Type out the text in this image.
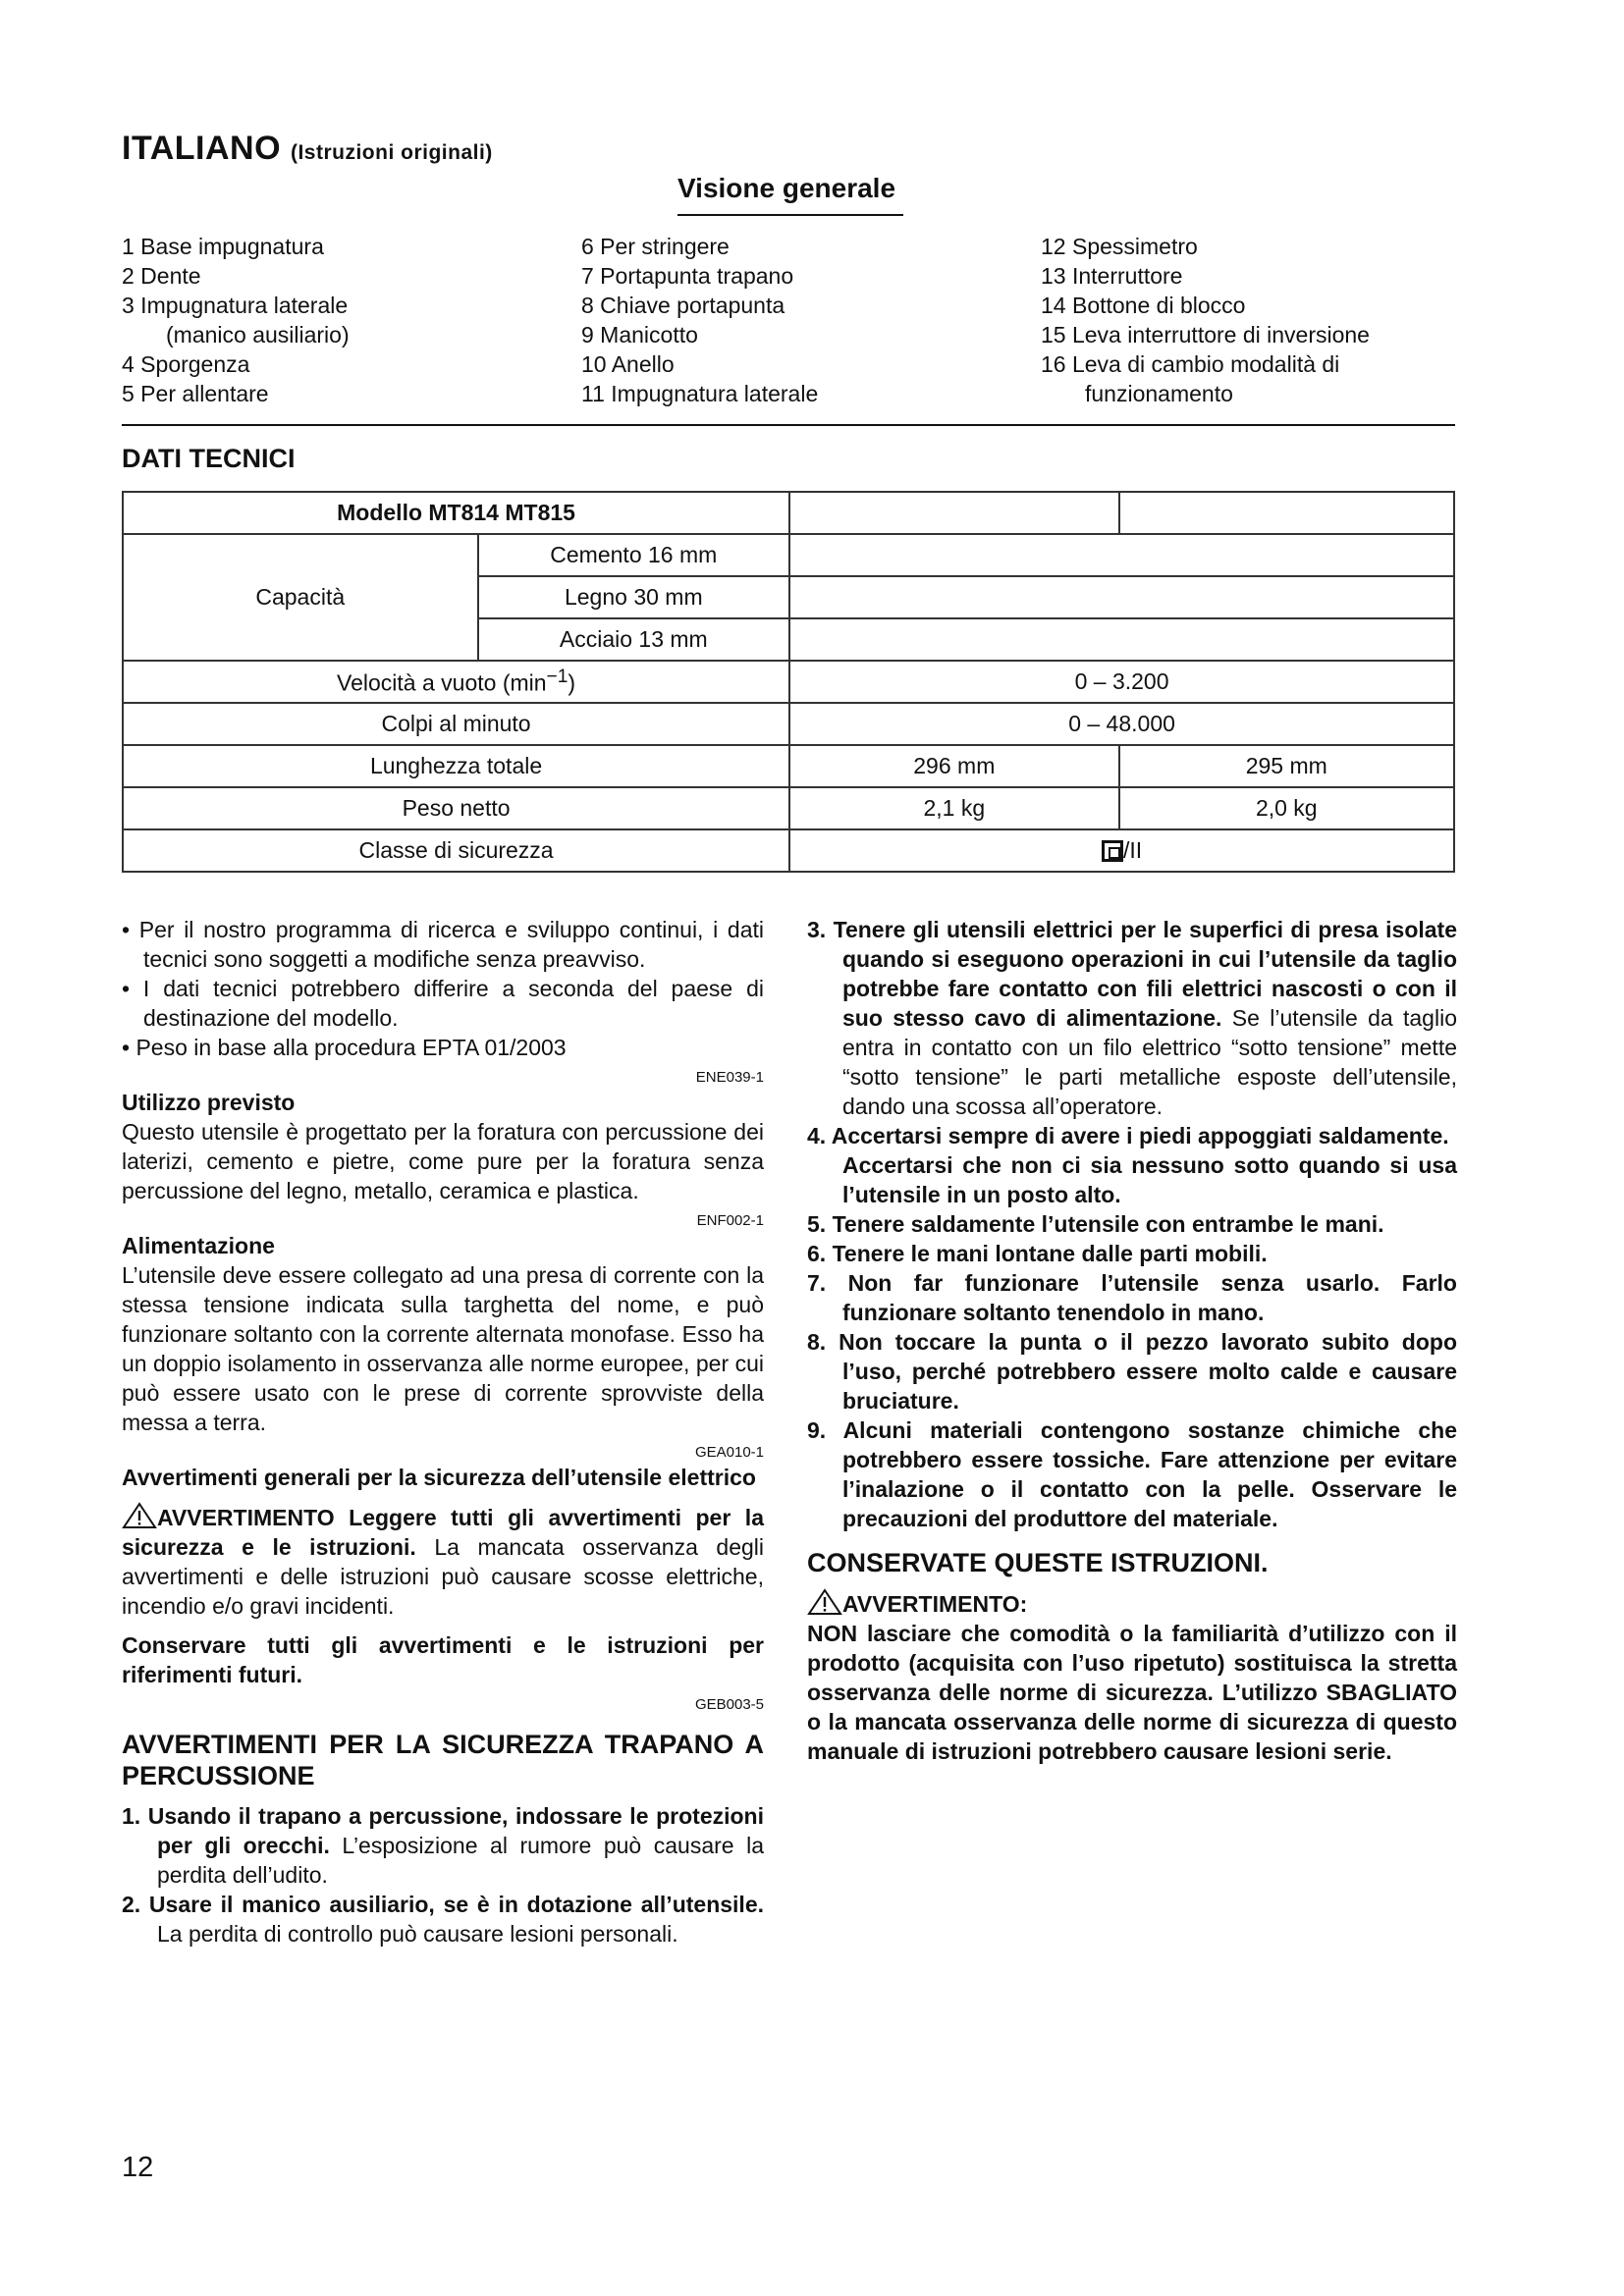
ITALIANO (Istruzioni originali)
Visione generale
1 Base impugnatura
2 Dente
3 Impugnatura laterale
(manico ausiliario)
4 Sporgenza
5 Per allentare
6 Per stringere
7 Portapunta trapano
8 Chiave portapunta
9 Manicotto
10 Anello
11 Impugnatura laterale
12 Spessimetro
13 Interruttore
14 Bottone di blocco
15 Leva interruttore di inversione
16 Leva di cambio modalità di
funzionamento
DATI TECNICI
Modello MT814 MT815			
Capacità	Cemento 16 mm		
	Legno 30 mm		
	Acciaio 13 mm		
Velocità a vuoto $(\min^{-1})$		0 – 3.200	
Colpi al minuto		0 – 48.000	
Lunghezza totale		296 mm	295 mm
Peso netto		2,1 kg	2,0 kg
Classe di sicurezza		/II	
• Per il nostro programma di ricerca e sviluppo continui, i dati tecnici sono soggetti a modifiche senza preavviso.
• I dati tecnici potrebbero differire a seconda del paese di destinazione del modello.
• Peso in base alla procedura EPTA 01/2003
ENE039-1
Utilizzo previsto
Questo utensile è progettato per la foratura con percussione dei laterizi, cemento e pietre, come pure per la foratura senza percussione del legno, metallo, ceramica e plastica.
ENF002-1
Alimentazione
L’utensile deve essere collegato ad una presa di corrente con la stessa tensione indicata sulla targhetta del nome, e può funzionare soltanto con la corrente alternata monofase. Esso ha un doppio isolamento in osservanza alle norme europee, per cui può essere usato con le prese di corrente sprovviste della messa a terra.
GEA010-1
Avvertimenti generali per la sicurezza dell’utensile elettrico
AVVERTIMENTO Leggere tutti gli avvertimenti per la sicurezza e le istruzioni. La mancata osservanza degli avvertimenti e delle istruzioni può causare scosse elettriche, incendio e/o gravi incidenti.
Conservare tutti gli avvertimenti e le istruzioni per riferimenti futuri.
GEB003-5
AVVERTIMENTI PER LA SICUREZZA TRAPANO A PERCUSSIONE
1. Usando il trapano a percussione, indossare le protezioni per gli orecchi. L’esposizione al rumore può causare la perdita dell’udito.
2. Usare il manico ausiliario, se è in dotazione all’utensile. La perdita di controllo può causare lesioni personali.
3. Tenere gli utensili elettrici per le superfici di presa isolate quando si eseguono operazioni in cui l’utensile da taglio potrebbe fare contatto con fili elettrici nascosti o con il suo stesso cavo di alimentazione. Se l’utensile da taglio entra in contatto con un filo elettrico “sotto tensione” mette “sotto tensione” le parti metalliche esposte dell’utensile, dando una scossa all’operatore.
4. Accertarsi sempre di avere i piedi appoggiati saldamente.
Accertarsi che non ci sia nessuno sotto quando si usa l’utensile in un posto alto.
5. Tenere saldamente l’utensile con entrambe le mani.
6. Tenere le mani lontane dalle parti mobili.
7. Non far funzionare l’utensile senza usarlo. Farlo funzionare soltanto tenendolo in mano.
8. Non toccare la punta o il pezzo lavorato subito dopo l’uso, perché potrebbero essere molto calde e causare bruciature.
9. Alcuni materiali contengono sostanze chimiche che potrebbero essere tossiche. Fare attenzione per evitare l’inalazione o il contatto con la pelle. Osservare le precauzioni del produttore del materiale.
CONSERVATE QUESTE ISTRUZIONI.
AVVERTIMENTO:
NON lasciare che comodità o la familiarità d’utilizzo con il prodotto (acquisita con l’uso ripetuto) sostituisca la stretta osservanza delle norme di sicurezza. L’utilizzo SBAGLIATO o la mancata osservanza delle norme di sicurezza di questo manuale di istruzioni potrebbero causare lesioni serie.
12
